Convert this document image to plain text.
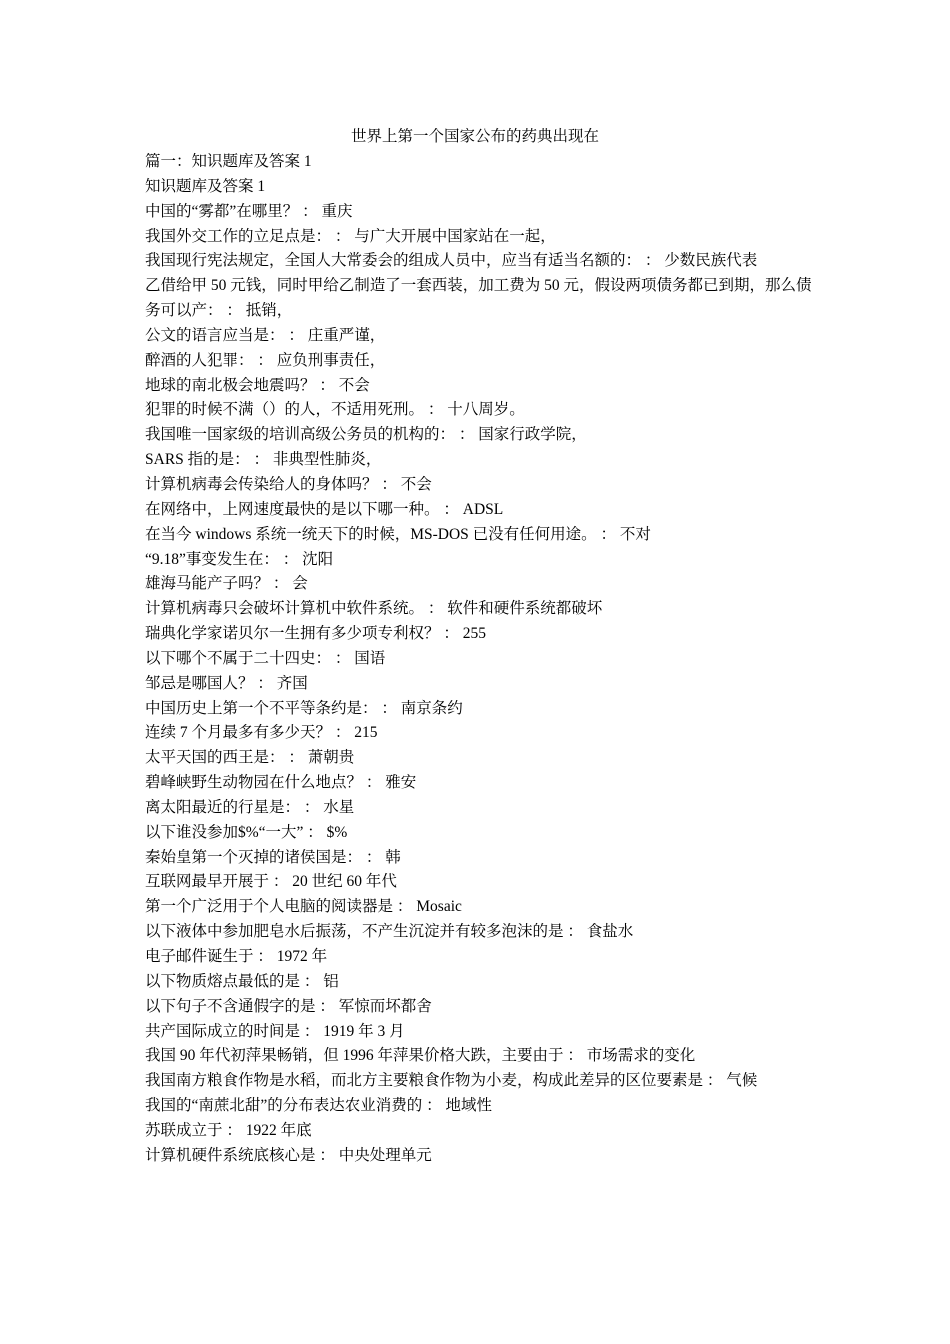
世界上第一个国家公布的药典出现在
篇一：知识题库及答案 1
知识题库及答案 1
中国的“雾都”在哪里？ ： 重庆
我国外交工作的立足点是： ： 与广大开展中国家站在一起，
我国现行宪法规定，全国人大常委会的组成人员中，应当有适当名额的： ： 少数民族代表
乙借给甲 50 元钱，同时甲给乙制造了一套西装，加工费为 50 元，假设两项债务都已到期，那么债务可以产： ： 抵销，
公文的语言应当是： ： 庄重严谨，
醉酒的人犯罪： ： 应负刑事责任，
地球的南北极会地震吗？ ： 不会
犯罪的时候不满（）的人，不适用死刑。 ： 十八周岁。
我国唯一国家级的培训高级公务员的机构的： ： 国家行政学院，
SARS 指的是： ： 非典型性肺炎，
计算机病毒会传染给人的身体吗？ ： 不会
在网络中，上网速度最快的是以下哪一种。 ： ADSL
在当今 windows 系统一统天下的时候，MS-DOS 已没有任何用途。 ： 不对
“9.18”事变发生在： ： 沈阳
雄海马能产子吗？ ： 会
计算机病毒只会破坏计算机中软件系统。 ： 软件和硬件系统都破坏
瑞典化学家诺贝尔一生拥有多少项专利权？ ： 255
以下哪个不属于二十四史： ： 国语
邹忌是哪国人？ ： 齐国
中国历史上第一个不平等条约是： ： 南京条约
连续 7 个月最多有多少天？ ： 215
太平天国的西王是： ： 萧朝贵
碧峰峡野生动物园在什么地点？ ： 雅安
离太阳最近的行星是： ： 水星
以下谁没参加$%“一大” ： $%
秦始皇第一个灭掉的诸侯国是： ： 韩
互联网最早开展于 ： 20 世纪 60 年代
第一个广泛用于个人电脑的阅读器是 ： Mosaic
以下液体中参加肥皂水后振荡，不产生沉淀并有较多泡沫的是 ： 食盐水
电子邮件诞生于 ： 1972 年
以下物质熔点最低的是 ： 铝
以下句子不含通假字的是 ： 军惊而坏都舍
共产国际成立的时间是 ： 1919 年 3 月
我国 90 年代初萍果畅销，但 1996 年萍果价格大跌，主要由于 ： 市场需求的变化
我国南方粮食作物是水稻，而北方主要粮食作物为小麦，构成此差异的区位要素是 ： 气候
我国的“南蔗北甜”的分布表达农业消费的 ： 地域性
苏联成立于 ： 1922 年底
计算机硬件系统底核心是 ： 中央处理单元
